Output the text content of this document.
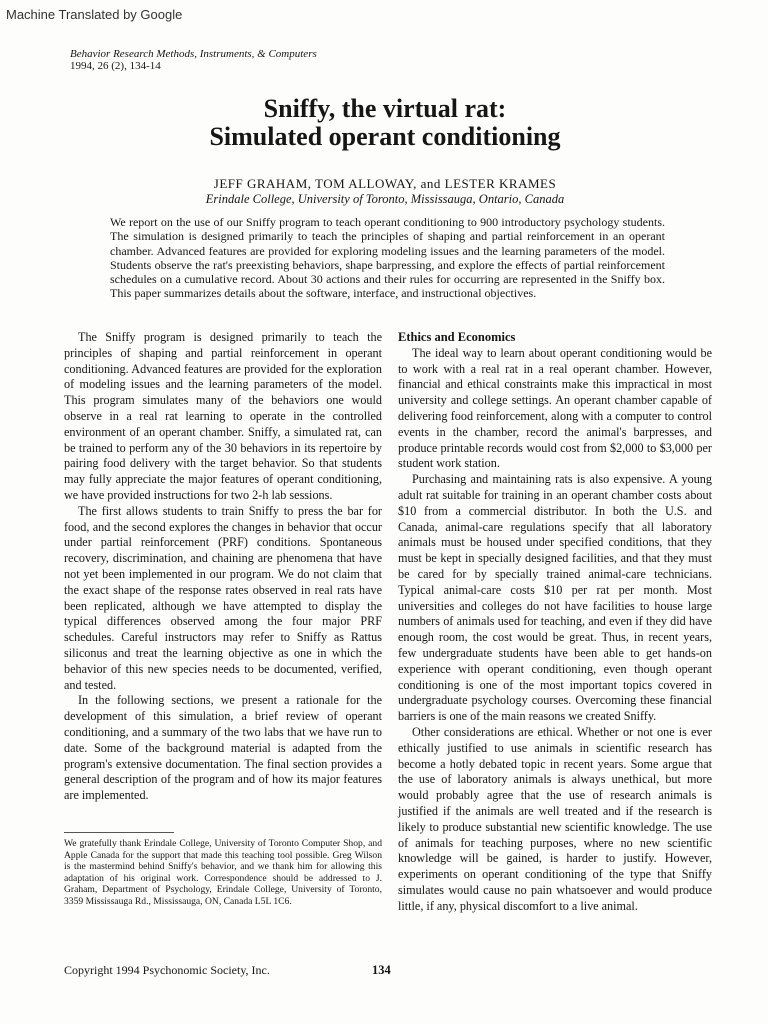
Machine Translated by Google
Behavior Research Methods, Instruments, & Computers
1994, 26 (2), 134-14
Sniffy, the virtual rat:
Simulated operant conditioning
JEFF GRAHAM, TOM ALLOWAY, and LESTER KRAMES
Erindale College, University of Toronto, Mississauga, Ontario, Canada
We report on the use of our Sniffy program to teach operant conditioning to 900 introductory psychology students. The simulation is designed primarily to teach the principles of shaping and partial reinforcement in an operant chamber. Advanced features are provided for exploring modeling issues and the learning parameters of the model. Students observe the rat's preexisting behaviors, shape barpressing, and explore the effects of partial reinforcement schedules on a cumulative record. About 30 actions and their rules for occurring are represented in the Sniffy box. This paper summarizes details about the software, interface, and instructional objectives.

The Sniffy program is designed primarily to teach the principles of shaping and partial reinforcement in operant conditioning. Advanced features are provided for the exploration of modeling issues and the learning parameters of the model. This program simulates many of the behaviors one would observe in a real rat learning to operate in the controlled environment of an operant chamber. Sniffy, a simulated rat, can be trained to perform any of the 30 behaviors in its repertoire by pairing food delivery with the target behavior. So that students may fully appreciate the major features of operant conditioning, we have provided instructions for two 2-h lab sessions.

The first allows students to train Sniffy to press the bar for food, and the second explores the changes in behavior that occur under partial reinforcement (PRF) conditions. Spontaneous recovery, discrimination, and chaining are phenomena that have not yet been implemented in our program. We do not claim that the exact shape of the response rates observed in real rats have been replicated, although we have attempted to display the typical differences observed among the four major PRF schedules. Careful instructors may refer to Sniffy as Rattus siliconus and treat the learning objective as one in which the behavior of this new species needs to be documented, verified, and tested.

In the following sections, we present a rationale for the development of this simulation, a brief review of operant conditioning, and a summary of the two labs that we have run to date. Some of the background material is adapted from the program's extensive documentation. The final section provides a general description of the program and of how its major features are implemented.

We gratefully thank Erindale College, University of Toronto Computer Shop, and Apple Canada for the support that made this teaching tool possible. Greg Wilson is the mastermind behind Sniffy's behavior, and we thank him for allowing this adaptation of his original work. Correspondence should be addressed to J. Graham, Department of Psychology, Erindale College, University of Toronto, 3359 Mississauga Rd., Mississauga, ON, Canada L5L 1C6.

Ethics and Economics

The ideal way to learn about operant conditioning would be to work with a real rat in a real operant chamber. However, financial and ethical constraints make this impractical in most university and college settings. An operant chamber capable of delivering food reinforcement, along with a computer to control events in the chamber, record the animal's barpresses, and produce printable records would cost from $2,000 to $3,000 per student work station.

Purchasing and maintaining rats is also expensive. A young adult rat suitable for training in an operant chamber costs about $10 from a commercial distributor. In both the U.S. and Canada, animal-care regulations specify that all laboratory animals must be housed under specified conditions, that they must be kept in specially designed facilities, and that they must be cared for by specially trained animal-care technicians. Typical animal-care costs $10 per rat per month. Most universities and colleges do not have facilities to house large numbers of animals used for teaching, and even if they did have enough room, the cost would be great. Thus, in recent years, few undergraduate students have been able to get hands-on experience with operant conditioning, even though operant conditioning is one of the most important topics covered in undergraduate psychology courses. Overcoming these financial barriers is one of the main reasons we created Sniffy.

Other considerations are ethical. Whether or not one is ever ethically justified to use animals in scientific research has become a hotly debated topic in recent years. Some argue that the use of laboratory animals is always unethical, but more would probably agree that the use of research animals is justified if the animals are well treated and if the research is likely to produce substantial new scientific knowledge. The use of animals for teaching purposes, where no new scientific knowledge will be gained, is harder to justify. However, experiments on operant conditioning of the type that Sniffy simulates would cause no pain whatsoever and would produce little, if any, physical discomfort to a live animal.

Copyright 1994 Psychonomic Society, Inc.	134
